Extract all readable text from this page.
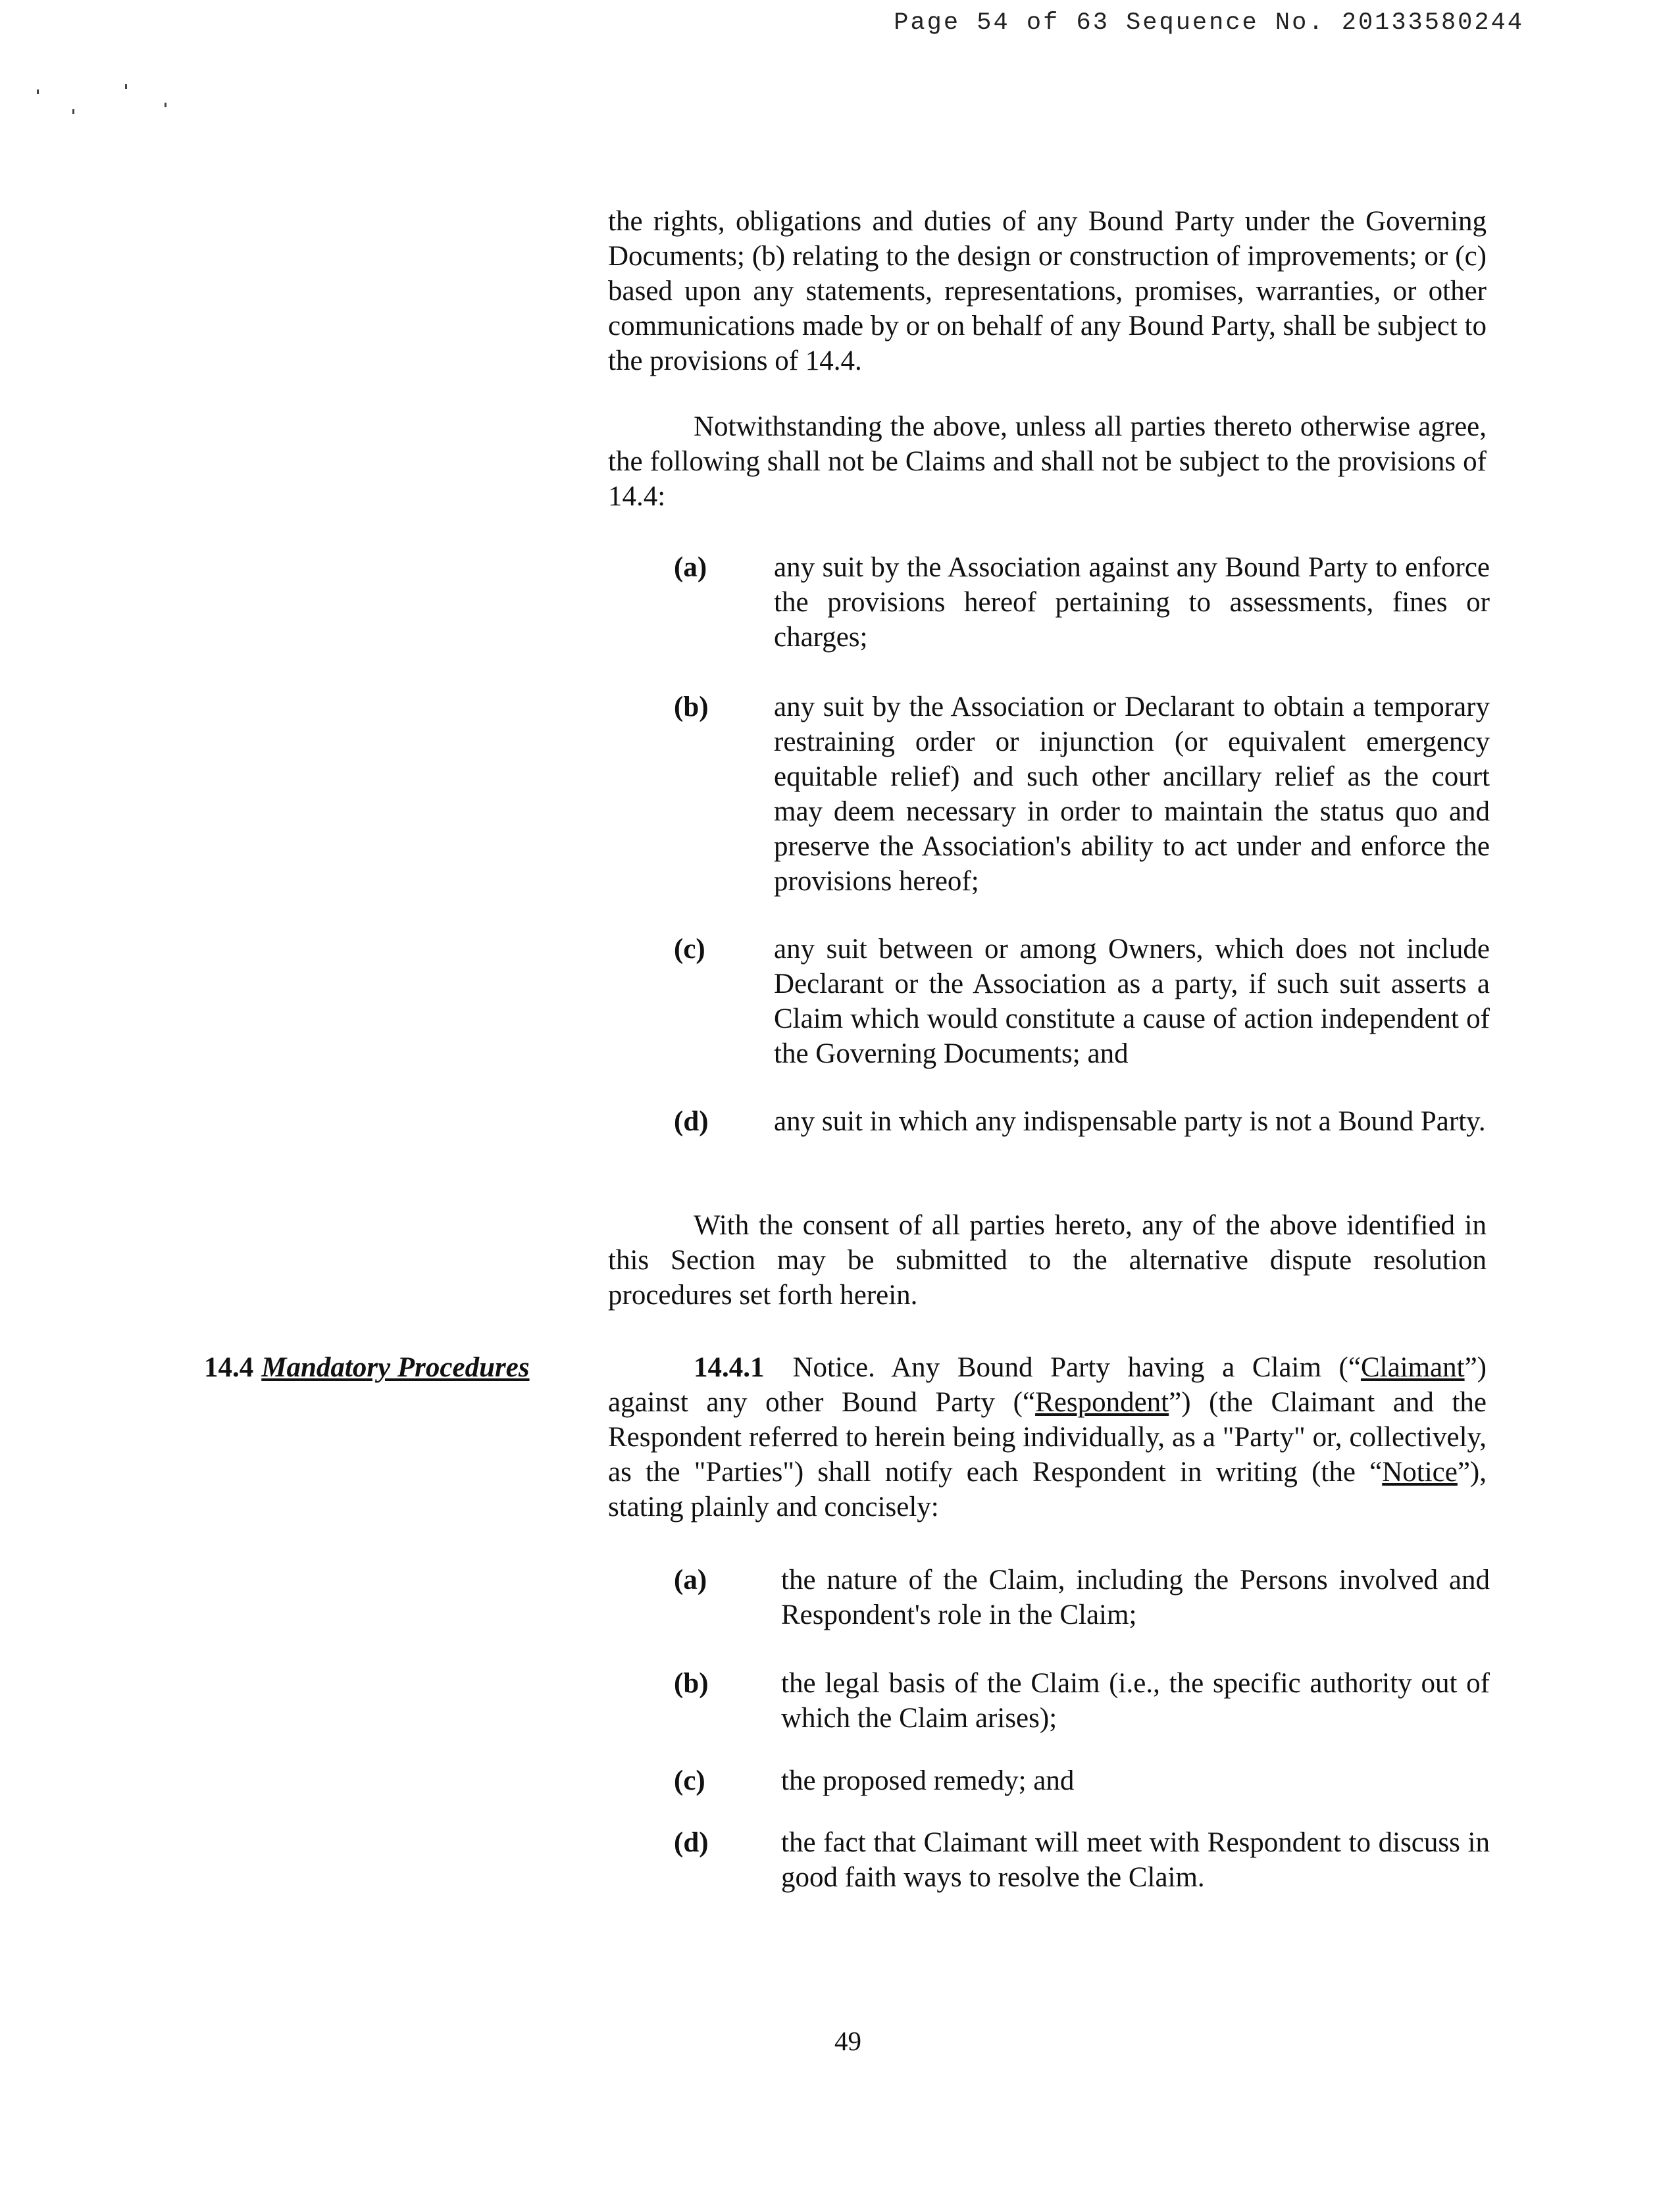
Page 54 of 63 Sequence No. 20133580244

the rights, obligations and duties of any Bound Party under the Governing Documents; (b) relating to the design or construction of improvements; or (c) based upon any statements, representations, promises, warranties, or other communications made by or on behalf of any Bound Party, shall be subject to the provisions of 14.4.

Notwithstanding the above, unless all parties thereto otherwise agree, the following shall not be Claims and shall not be subject to the provisions of 14.4:

(a) any suit by the Association against any Bound Party to enforce the provisions hereof pertaining to assessments, fines or charges;
(b) any suit by the Association or Declarant to obtain a temporary restraining order or injunction (or equivalent emergency equitable relief) and such other ancillary relief as the court may deem necessary in order to maintain the status quo and preserve the Association's ability to act under and enforce the provisions hereof;
(c) any suit between or among Owners, which does not include Declarant or the Association as a party, if such suit asserts a Claim which would constitute a cause of action independent of the Governing Documents; and
(d) any suit in which any indispensable party is not a Bound Party.

With the consent of all parties hereto, any of the above identified in this Section may be submitted to the alternative dispute resolution procedures set forth herein.

14.4 Mandatory Procedures	14.4.1  Notice. Any Bound Party having a Claim (“Claimant”) against any other Bound Party (“Respondent”) (the Claimant and the Respondent referred to herein being individually, as a "Party" or, collectively, as the "Parties") shall notify each Respondent in writing (the “Notice”), stating plainly and concisely:

(a)	the nature of the Claim, including the Persons involved and Respondent's role in the Claim;
(b)	the legal basis of the Claim (i.e., the specific authority out of which the Claim arises);
(c)	the proposed remedy; and
(d)	the fact that Claimant will meet with Respondent to discuss in good faith ways to resolve the Claim.
49
